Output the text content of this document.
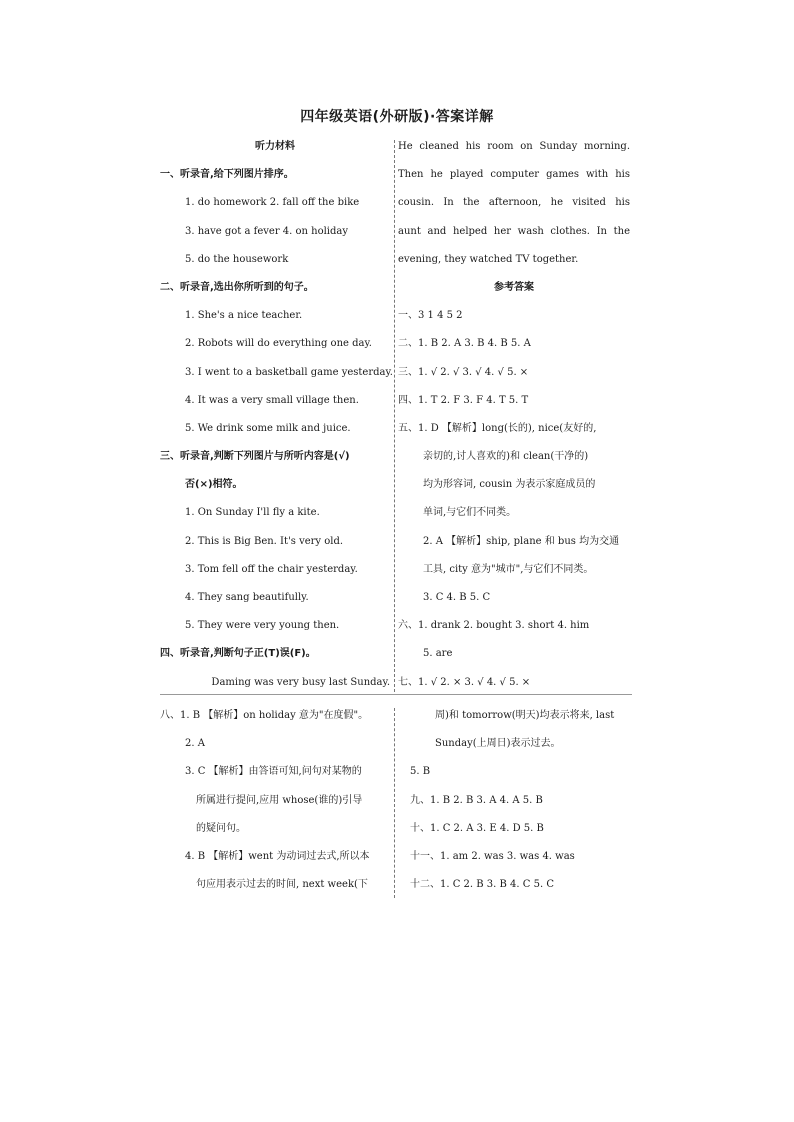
四年级英语(外研版)·答案详解
听力材料
一、听录音,给下列图片排序。
1. do homework 2. fall off the bike
3. have got a fever 4. on holiday
5. do the housework
二、听录音,选出你所听到的句子。
1. She's a nice teacher.
2. Robots will do everything one day.
3. I went to a basketball game yesterday.
4. It was a very small village then.
5. We drink some milk and juice.
三、听录音,判断下列图片与所听内容是(√)
否(×)相符。
1. On Sunday I'll fly a kite.
2. This is Big Ben. It's very old.
3. Tom fell off the chair yesterday.
4. They sang beautifully.
5. They were very young then.
四、听录音,判断句子正(T)误(F)。
Daming was very busy last Sunday.
He cleaned his room on Sunday morning.
Then he played computer games with his
cousin. In the afternoon, he visited his
aunt and helped her wash clothes. In the
evening, they watched TV together.
参考答案
一、3 1 4 5 2
二、1. B 2. A 3. B 4. B 5. A
三、1. √ 2. √ 3. √ 4. √ 5. ×
四、1. T 2. F 3. F 4. T 5. T
五、1. D 【解析】long(长的), nice(友好的,
亲切的,讨人喜欢的)和 clean(干净的)
均为形容词, cousin 为表示家庭成员的
单词,与它们不同类。
2. A 【解析】ship, plane 和 bus 均为交通
工具, city 意为"城市",与它们不同类。
3. C 4. B 5. C
六、1. drank 2. bought 3. short 4. him
5. are
七、1. √ 2. × 3. √ 4. √ 5. ×
八、1. B 【解析】on holiday 意为"在度假"。
2. A
3. C 【解析】由答语可知,问句对某物的
所属进行提问,应用 whose(谁的)引导
的疑问句。
4. B 【解析】went 为动词过去式,所以本
句应用表示过去的时间, next week(下
周)和 tomorrow(明天)均表示将来, last
Sunday(上周日)表示过去。
5. B
九、1. B 2. B 3. A 4. A 5. B
十、1. C 2. A 3. E 4. D 5. B
十一、1. am 2. was 3. was 4. was
十二、1. C 2. B 3. B 4. C 5. C
